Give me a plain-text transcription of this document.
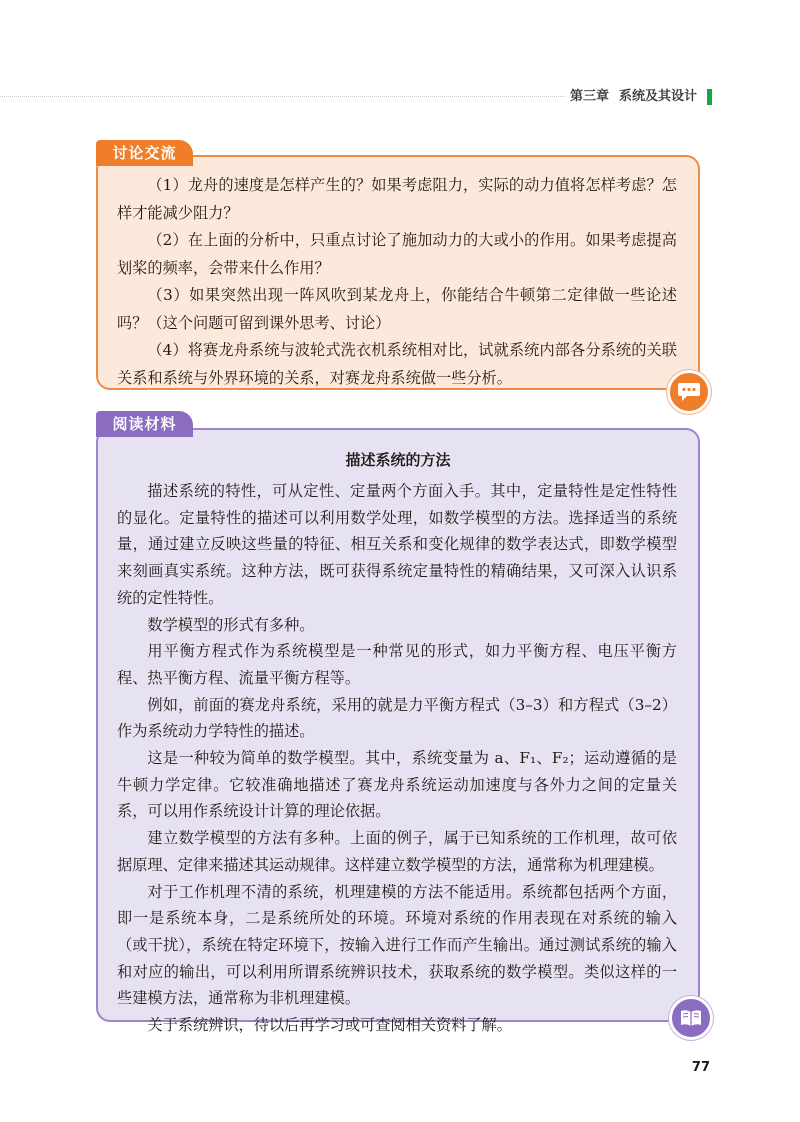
第三章 系统及其设计
讨论交流

（1）龙舟的速度是怎样产生的？如果考虑阻力，实际的动力值将怎样考虑？怎样才能减少阻力？

（2）在上面的分析中，只重点讨论了施加动力的大或小的作用。如果考虑提高划桨的频率，会带来什么作用？

（3）如果突然出现一阵风吹到某龙舟上，你能结合牛顿第二定律做一些论述吗？（这个问题可留到课外思考、讨论）

（4）将赛龙舟系统与波轮式洗衣机系统相对比，试就系统内部各分系统的关联关系和系统与外界环境的关系，对赛龙舟系统做一些分析。

阅读材料
描述系统的方法

描述系统的特性，可从定性、定量两个方面入手。其中，定量特性是定性特性的显化。定量特性的描述可以利用数学处理，如数学模型的方法。选择适当的系统量，通过建立反映这些量的特征、相互关系和变化规律的数学表达式，即数学模型来刻画真实系统。这种方法，既可获得系统定量特性的精确结果，又可深入认识系统的定性特性。

数学模型的形式有多种。

用平衡方程式作为系统模型是一种常见的形式，如力平衡方程、电压平衡方程、热平衡方程、流量平衡方程等。

例如，前面的赛龙舟系统，采用的就是力平衡方程式（3–3）和方程式（3–2）作为系统动力学特性的描述。

这是一种较为简单的数学模型。其中，系统变量为 a、F₁、F₂；运动遵循的是牛顿力学定律。它较准确地描述了赛龙舟系统运动加速度与各外力之间的定量关系，可以用作系统设计计算的理论依据。

建立数学模型的方法有多种。上面的例子，属于已知系统的工作机理，故可依据原理、定律来描述其运动规律。这样建立数学模型的方法，通常称为机理建模。

对于工作机理不清的系统，机理建模的方法不能适用。系统都包括两个方面，即一是系统本身，二是系统所处的环境。环境对系统的作用表现在对系统的输入（或干扰），系统在特定环境下，按输入进行工作而产生输出。通过测试系统的输入和对应的输出，可以利用所谓系统辨识技术，获取系统的数学模型。类似这样的一些建模方法，通常称为非机理建模。

关于系统辨识，待以后再学习或可查阅相关资料了解。

77
